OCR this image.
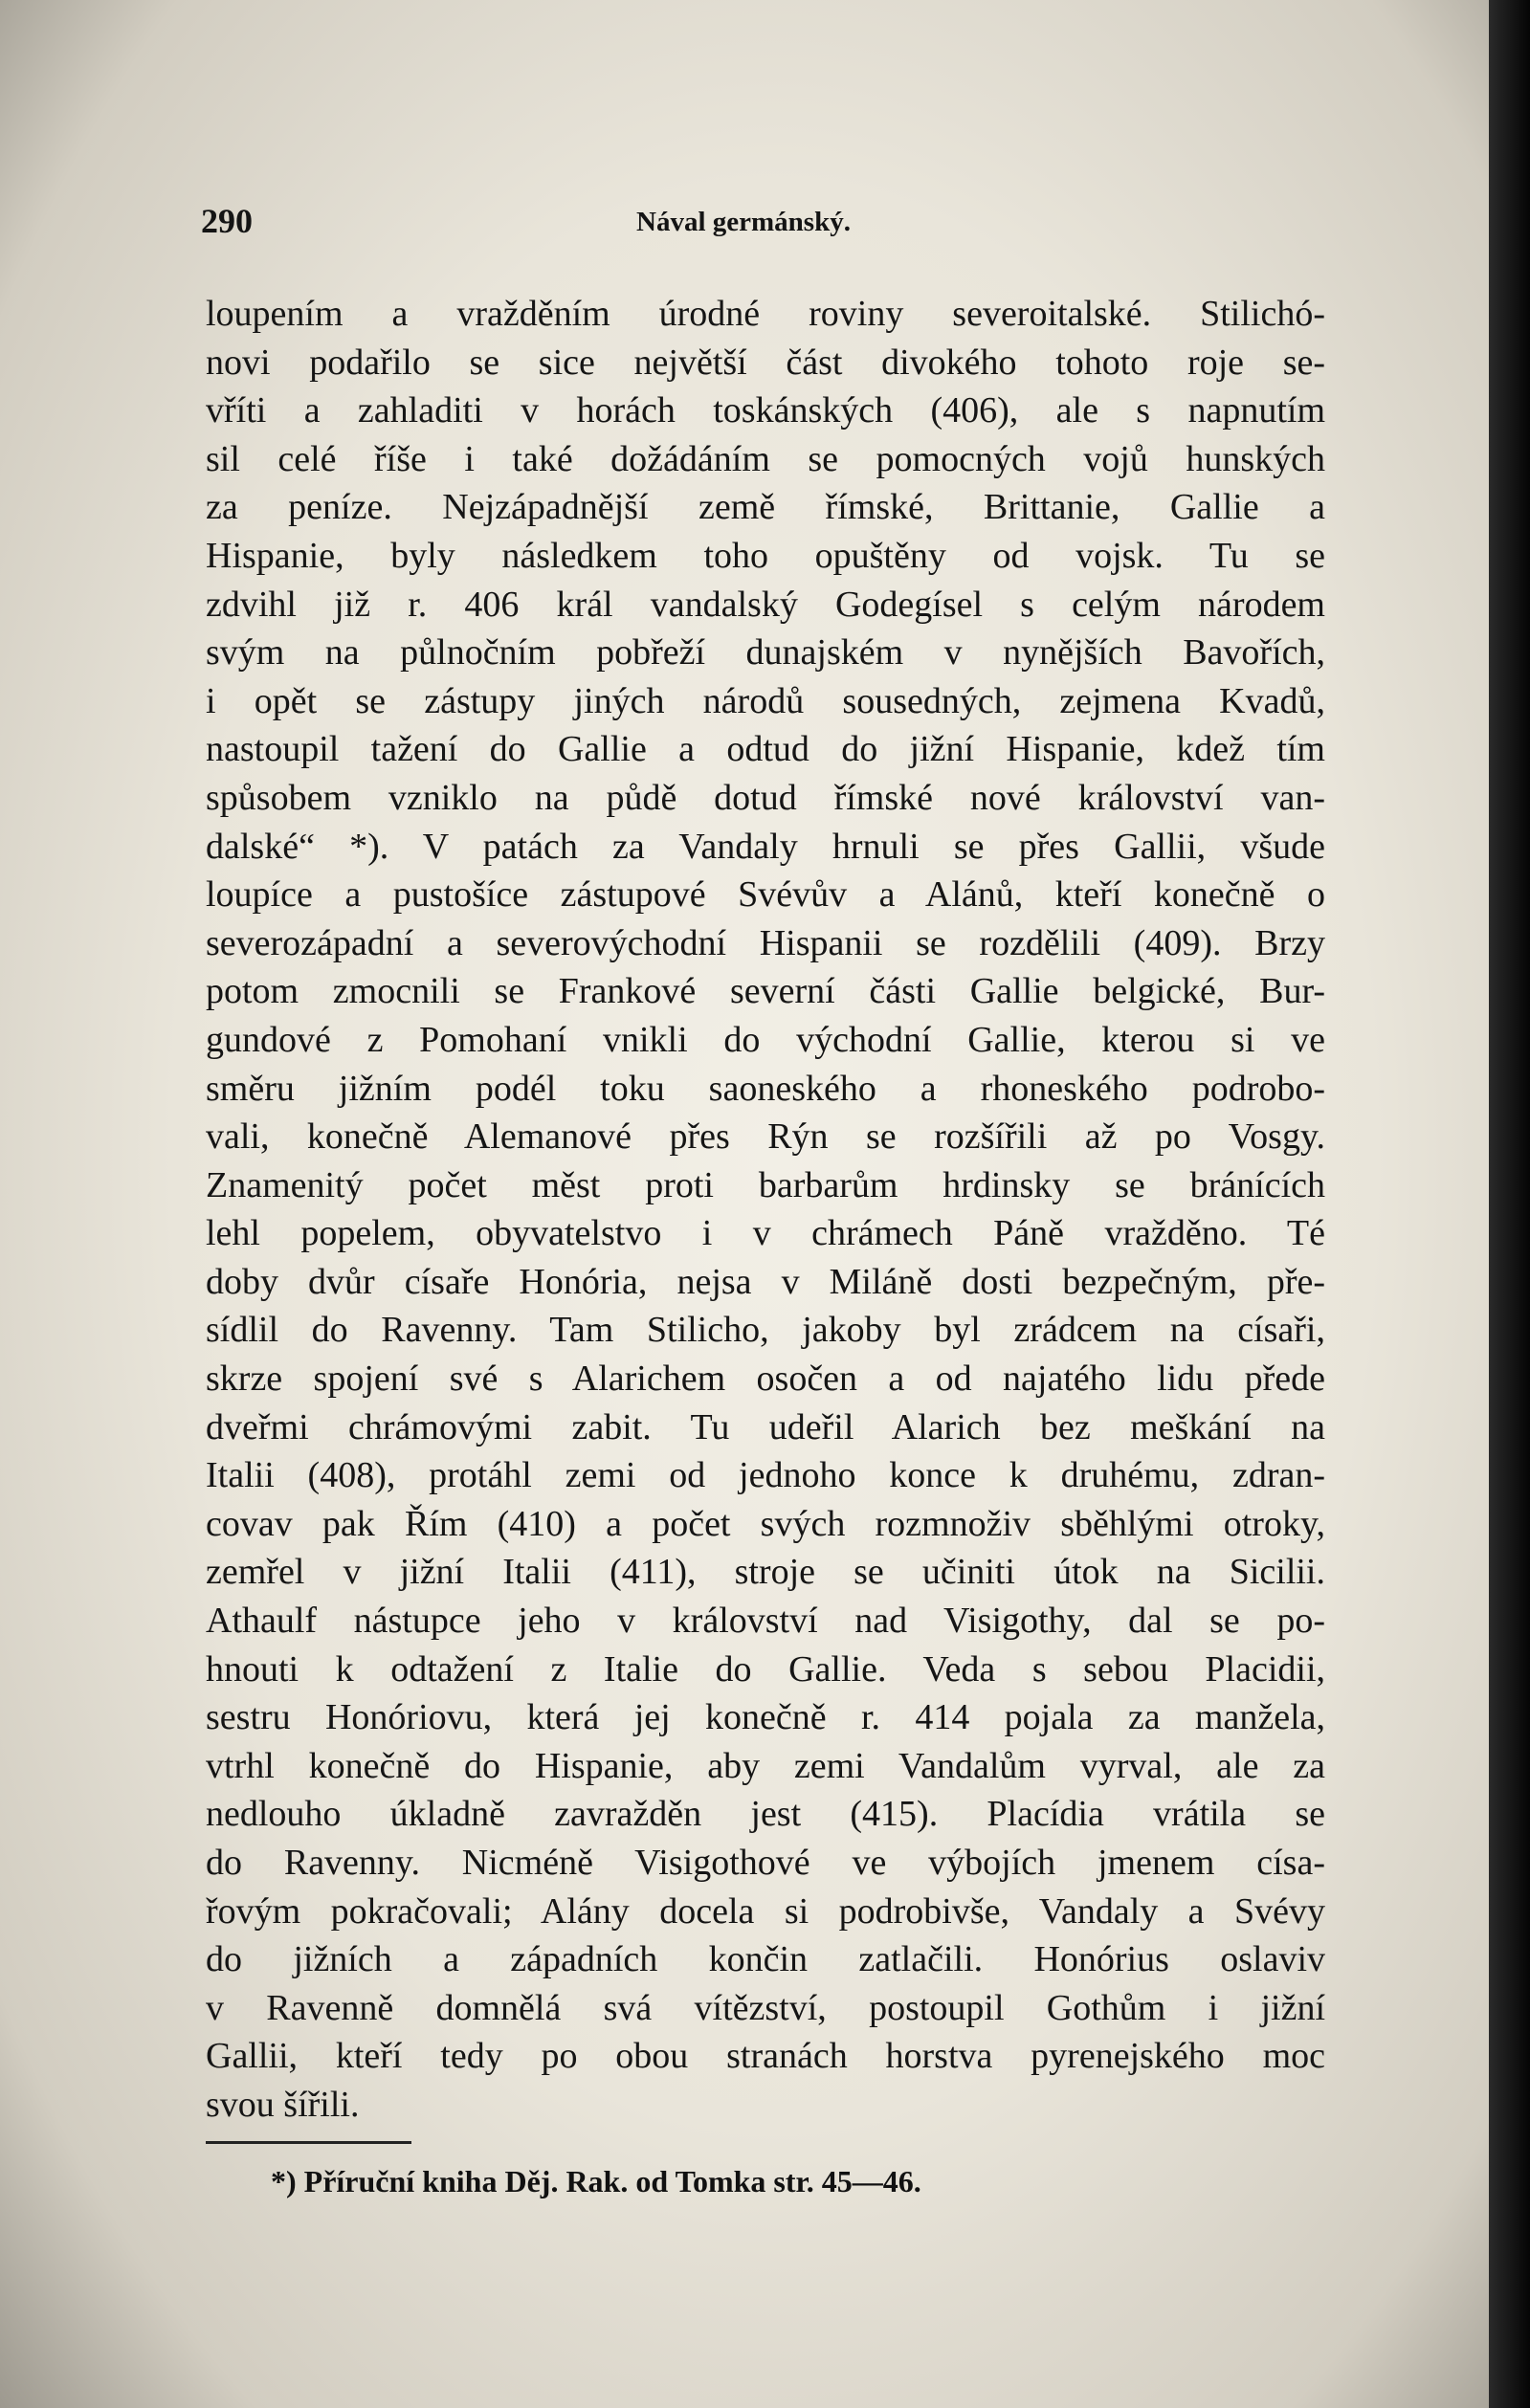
290	Nával germánský.
loupením a vražděním úrodné roviny severoitalské. Stilichó-
novi podařilo se sice největší část divokého tohoto roje se-
vříti a zahladiti v horách toskánských (406), ale s napnutím
sil celé říše i také dožádáním se pomocných vojů hunských
za peníze. Nejzápadnější země římské, Brittanie, Gallie a
Hispanie, byly následkem toho opuštěny od vojsk. Tu se
zdvihl již r. 406 král vandalský Godegísel s celým národem
svým na půlnočním pobřeží dunajském v nynějších Bavořích,
i opět se zástupy jiných národů sousedných, zejmena Kvadů,
nastoupil tažení do Gallie a odtud do jižní Hispanie, kdež tím
spůsobem vzniklo na půdě dotud římské nové království van-
dalské“ *). V patách za Vandaly hrnuli se přes Gallii, všude
loupíce a pustošíce zástupové Svévův a Alánů, kteří konečně o
severozápadní a severovýchodní Hispanii se rozdělili (409). Brzy
potom zmocnili se Frankové severní části Gallie belgické, Bur-
gundové z Pomohaní vnikli do východní Gallie, kterou si ve
směru jižním podél toku saoneského a rhoneského podrobo-
vali, konečně Alemanové přes Rýn se rozšířili až po Vosgy.
Znamenitý počet měst proti barbarům hrdinsky se bránících
lehl popelem, obyvatelstvo i v chrámech Páně vražděno. Té
doby dvůr císaře Honória, nejsa v Miláně dosti bezpečným, pře-
sídlil do Ravenny. Tam Stilicho, jakoby byl zrádcem na císaři,
skrze spojení své s Alarichem osočen a od najatého lidu přede
dveřmi chrámovými zabit. Tu udeřil Alarich bez meškání na
Italii (408), protáhl zemi od jednoho konce k druhému, zdran-
covav pak Řím (410) a počet svých rozmnoživ sběhlými otroky,
zemřel v jižní Italii (411), stroje se učiniti útok na Sicilii.
Athaulf nástupce jeho v království nad Visigothy, dal se po-
hnouti k odtažení z Italie do Gallie. Veda s sebou Placidii,
sestru Honóriovu, která jej konečně r. 414 pojala za manžela,
vtrhl konečně do Hispanie, aby zemi Vandalům vyrval, ale za
nedlouho úkladně zavražděn jest (415). Placídia vrátila se
do Ravenny. Nicméně Visigothové ve výbojích jmenem císa-
řovým pokračovali; Alány docela si podrobivše, Vandaly a Svévy
do jižních a západních končin zatlačili. Honórius oslaviv
v Ravenně domnělá svá vítězství, postoupil Gothům i jižní
Gallii, kteří tedy po obou stranách horstva pyrenejského moc
svou šířili.
*) Příruční kniha Děj. Rak. od Tomka str. 45—46.
